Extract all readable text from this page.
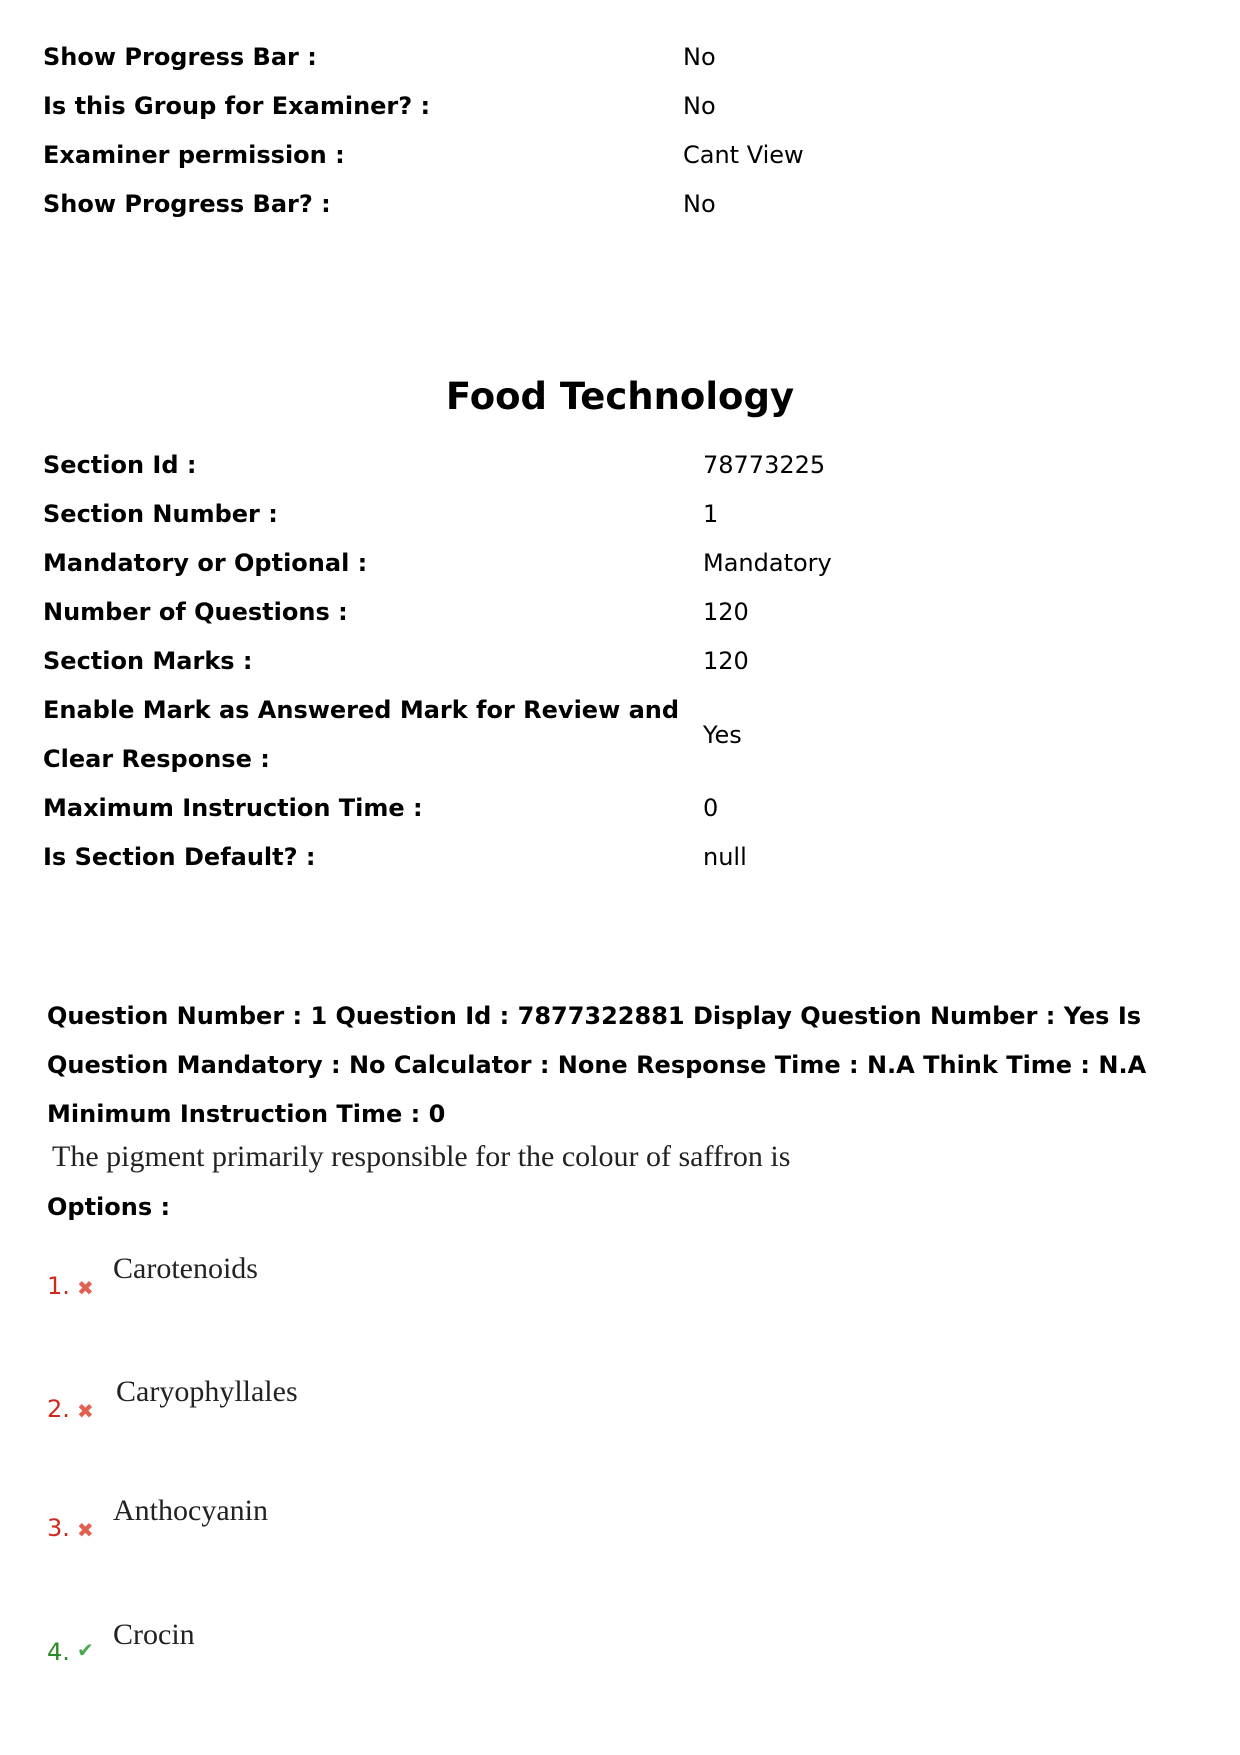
Show Progress Bar :	No
Is this Group for Examiner? :	No
Examiner permission :	Cant View
Show Progress Bar? :	No
Food Technology
Section Id :	78773225
Section Number :	1
Mandatory or Optional :	Mandatory
Number of Questions :	120
Section Marks :	120
Enable Mark as Answered Mark for Review and Clear Response :	Yes
Maximum Instruction Time :	0
Is Section Default? :	null
Question Number : 1 Question Id : 7877322881 Display Question Number : Yes Is Question Mandatory : No Calculator : None Response Time : N.A Think Time : N.A Minimum Instruction Time : 0
The pigment primarily responsible for the colour of saffron is
Options :
1. ✖
Carotenoids
2. ✖
Caryophyllales
3. ✖
Anthocyanin
4. ✔ Crocin
